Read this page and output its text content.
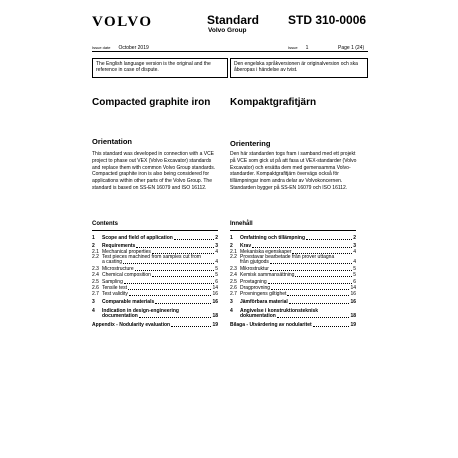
VOLVO	Standard
Volvo Group
STD 310-0006
Issue date October 2019	Issue 1	Page 1 (24)
The English language version is the original and the reference in case of dispute.
Den engelska språkversionen är originalversion och ska åberopas i händelse av tvist.
Compacted graphite iron Kompaktgrafitjärn
Orientation	Orientering
This standard was developed in connection with a VCE project to phase out VEX (Volvo Excavator) standards and replace them with common Volvo Group standards. Compacted graphite iron is also being considered for applications within other parts of the Volvo Group. The standard is based on SS-EN 16079 and ISO 16112.
Den här standarden togs fram i samband med ett projekt på VCE som gick ut på att fasa ut VEX-standarder (Volvo Excavator) och ersätta dem med gemensamma Volvo-standarder. Kompaktgrafitjärn övervägs också för tillämpningar inom andra delar av Volvokoncernen. Standarden bygger på SS-EN 16079 och ISO 16112.
Contents	Innehåll
1	Scope and field of application	2
2	Requirements	3
2.1 Mechanical properties	4
2.2 Test pieces machined from samples cut from
a casting	4
2.3 Microstructure	5
2.4 Chemical composition	5
2.5 Sampling	6
2.6 Tensile test	14
2.7 Test validity	16
3	Comparable materials	16
4	Indication in design-engineering
documentation	18
Appendix - Nodularity evaluation	19
1	Omfattning och tillämpning	2
2	Krav	3
2.1 Mekaniska egenskaper	4
2.2 Provstavar bearbetade från prover uttagna
från gjutgods	4
2.3 Mikrostruktur	5
2.4 Kemisk sammansättning	5
2.5 Provtagning	6
2.6 Dragprovning	14
2.7 Provningens giltighet	16
3	Jämförbara material	16
4	Angivelse i konstruktionsteknisk
dokumentation	18
Bilaga - Utvärdering av nodularitet	19
